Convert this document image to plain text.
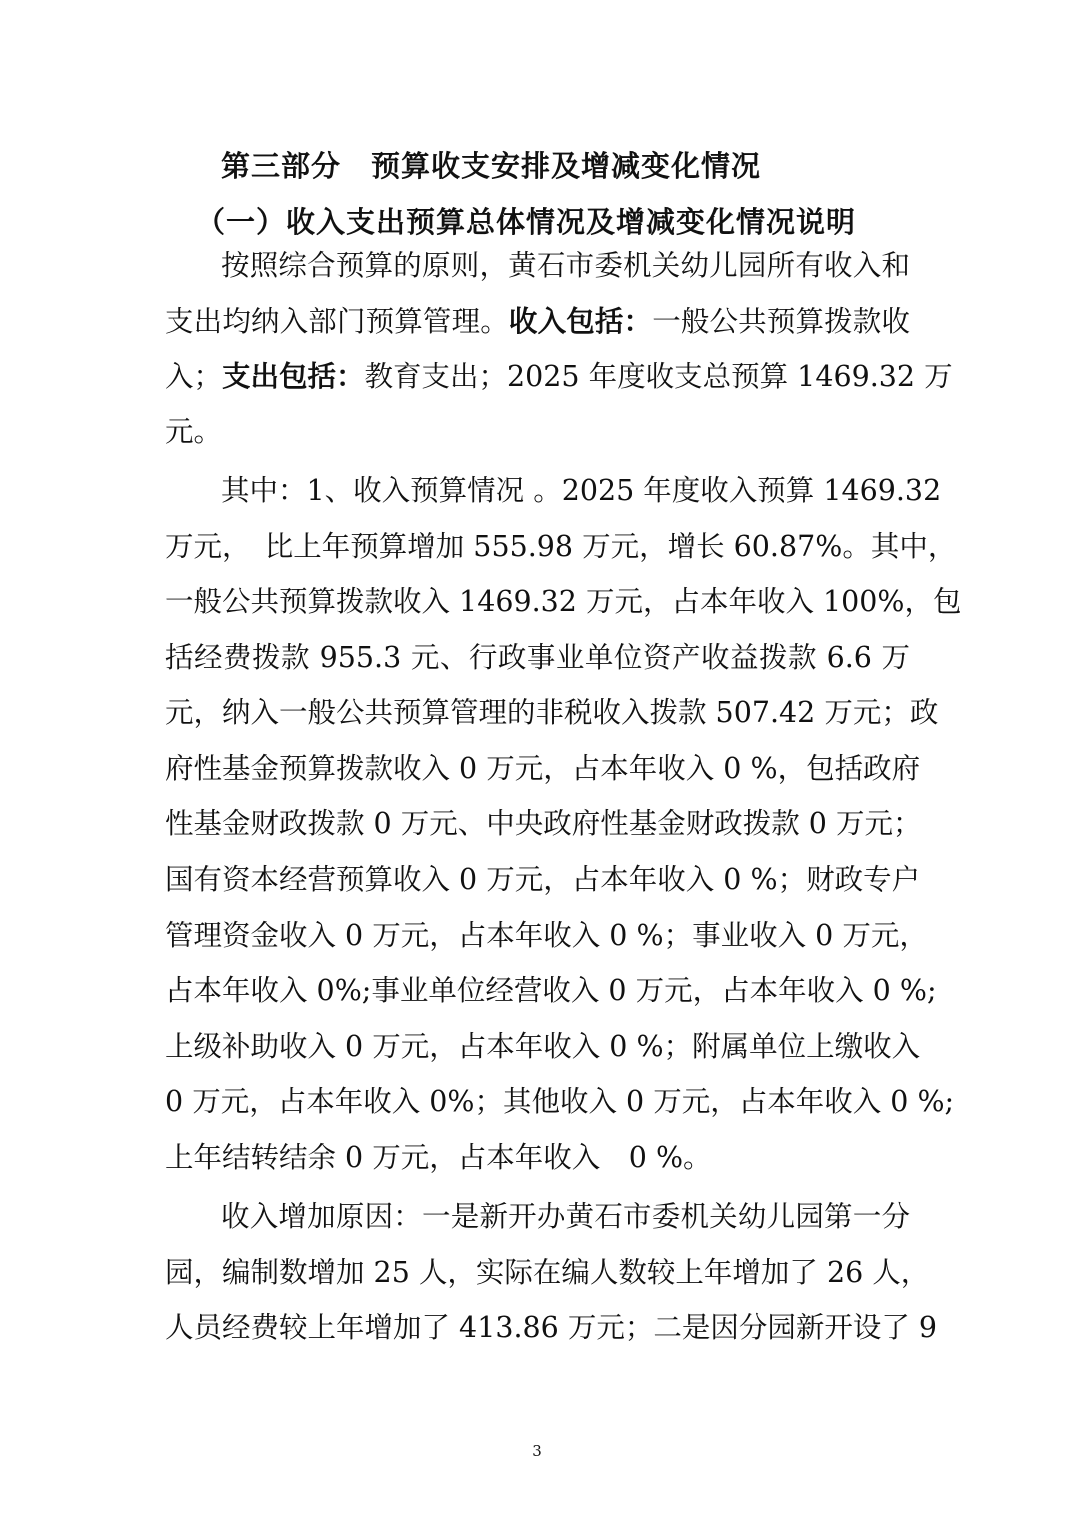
第三部分　预算收支安排及增减变化情况
（一）收入支出预算总体情况及增减变化情况说明
按照综合预算的原则，黄石市委机关幼儿园所有收入和
支出均纳入部门预算管理。收入包括：一般公共预算拨款收
入；支出包括：教育支出；2025 年度收支总预算 1469.32 万
元。
其中：1、收入预算情况 。2025 年度收入预算 1469.32
万元，　比上年预算增加 555.98 万元，增长 60.87%。其中，
一般公共预算拨款收入 1469.32 万元，占本年收入 100%，包
括经费拨款 955.3 元、行政事业单位资产收益拨款 6.6 万
元，纳入一般公共预算管理的非税收入拨款 507.42 万元；政
府性基金预算拨款收入 0 万元，占本年收入 0 %，包括政府
性基金财政拨款 0 万元、中央政府性基金财政拨款 0 万元；
国有资本经营预算收入 0 万元，占本年收入 0 %；财政专户
管理资金收入 0 万元，占本年收入 0 %；事业收入 0 万元，
占本年收入 0%;事业单位经营收入 0 万元，占本年收入 0 %;
上级补助收入 0 万元，占本年收入 0 %；附属单位上缴收入
0 万元，占本年收入 0%；其他收入 0 万元，占本年收入 0 %;
上年结转结余 0 万元，占本年收入　0 %。
收入增加原因：一是新开办黄石市委机关幼儿园第一分
园，编制数增加 25 人，实际在编人数较上年增加了 26 人，
人员经费较上年增加了 413.86 万元；二是因分园新开设了 9
3
